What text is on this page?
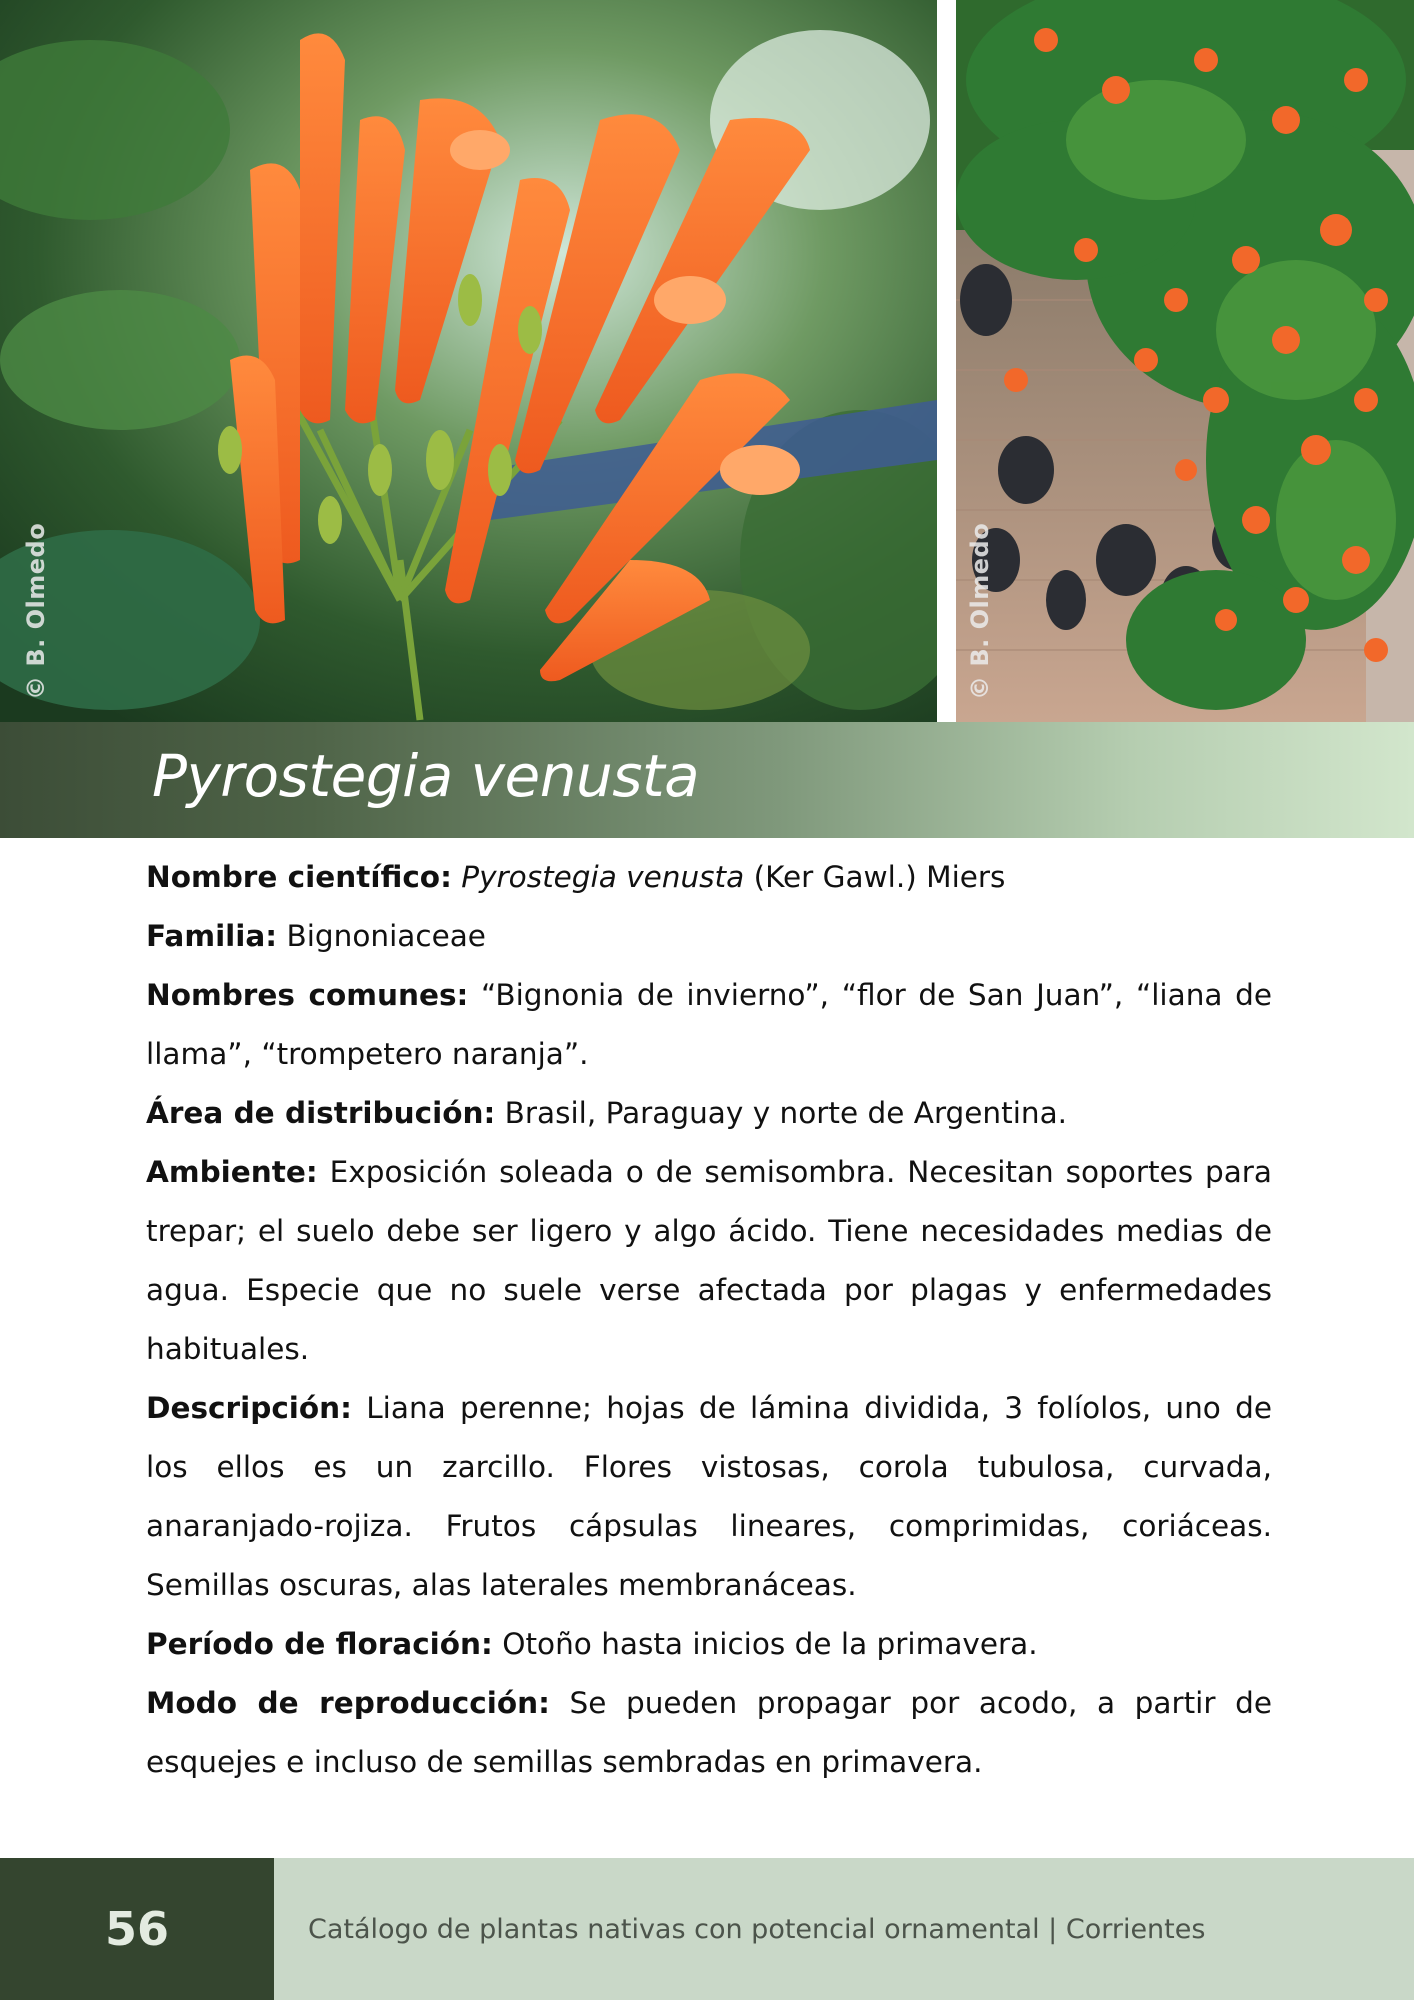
© B. Olmedo	© B. Olmedo
Pyrostegia venusta

Nombre científico: Pyrostegia venusta (Ker Gawl.) Miers

Familia: Bignoniaceae

Nombres comunes: “Bignonia de invierno”, “flor de San Juan”, “liana de llama”, “trompetero naranja”.

Área de distribución: Brasil, Paraguay y norte de Argentina.

Ambiente: Exposición soleada o de semisombra. Necesitan soportes para trepar; el suelo debe ser ligero y algo ácido. Tiene necesidades medias de agua. Especie que no suele verse afectada por plagas y enfermedades habituales.

Descripción: Liana perenne; hojas de lámina dividida, 3 folíolos, uno de los ellos es un zarcillo. Flores vistosas, corola tubulosa, curvada, anaranjado-rojiza. Frutos cápsulas lineares, comprimidas, coriáceas. Semillas oscuras, alas laterales membranáceas.

Período de floración: Otoño hasta inicios de la primavera.

Modo de reproducción: Se pueden propagar por acodo, a partir de esquejes e incluso de semillas sembradas en primavera.

56	Catálogo de plantas nativas con potencial ornamental | Corrientes
